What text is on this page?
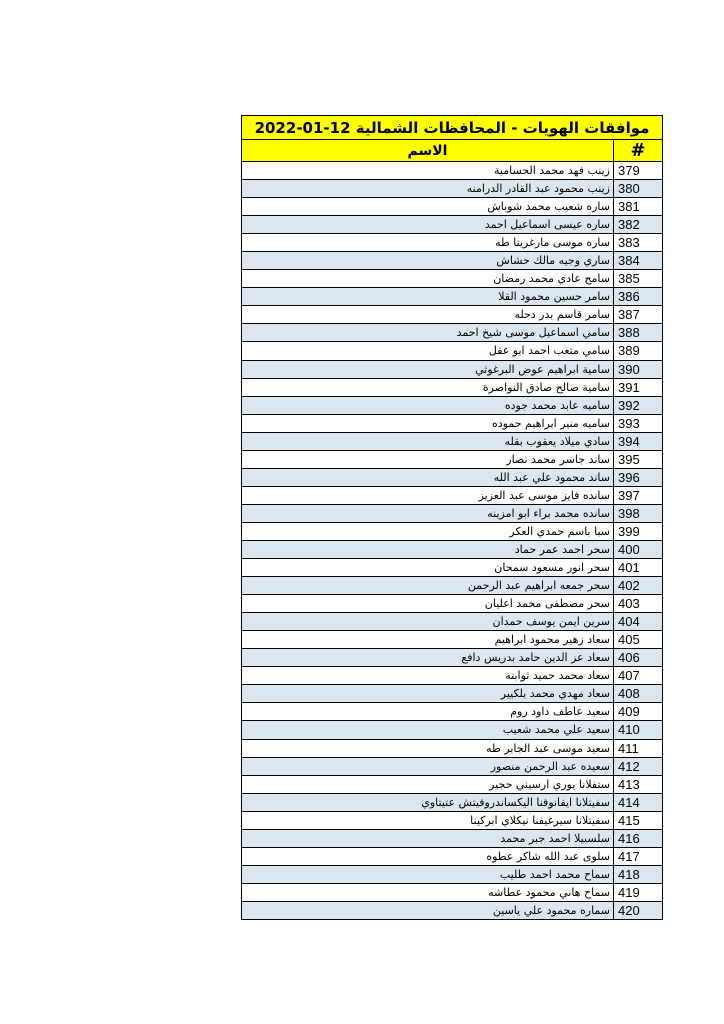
موافقات الهويات - المحافظات الشمالية 12-01-2022	
#	الاسم
379	زينب فهد محمد الحسامية
380	زينب محمود عبد القادر الدرامنه
381	ساره شعيب محمد شوباش
382	ساره عيسى اسماعيل احمد
383	ساره موسى مارغريتا طه
384	ساري وجيه مالك حشاش
385	سامح عادي محمد رمضان
386	سامر حسين محمود القلا
387	سامر قاسم بدر دحله
388	سامي اسماعيل موسى شيخ احمد
389	سامي متعب احمد ابو عقل
390	سامية ابراهيم عوض البرغوثي
391	سامية صالح صادق النواصرة
392	ساميه عابد محمد جوده
393	ساميه منير ابراهيم حموده
394	سادي ميلاد يعقوب بقله
395	ساند جاسر محمد نصار
396	ساند محمود علي عبد الله
397	سانده فايز موسى عبد العزيز
398	سانده محمد براء ابو امزينه
399	سبا باسم حمدي العكر
400	سحر احمد عمر حماد
401	سحر انور مسعود سمحان
402	سحر جمعه ابراهيم عبد الرحمن
403	سحر مصطفى محمد اعليان
404	سرين ايمن يوسف حمدان
405	سعاد زهير محمود ابراهيم
406	سعاد عز الدين حامد بدريس دافع
407	سعاد محمد حميد ثوابته
408	سعاد مهدي محمد بلكيير
409	سعيد عاطف داود روم
410	سعيد علي محمد شعيب
411	سعيد موسى عبد الجابر طه
412	سعيده عبد الرحمن منصور
413	ستفلانا يوري ارسيني حجير
414	سفيتلانا ايفانوفنا اليكساندروفيتش عتيتاوي
415	سفيتلانا سيرغيفنا نيكلاي ابركينا
416	سلسبيلا احمد جبر محمد
417	سلوى عبد الله شاكر عطوه
418	سماح محمد احمد طليب
419	سماح هاني محمود عطاشه
420	سماره محمود علي ياسين
